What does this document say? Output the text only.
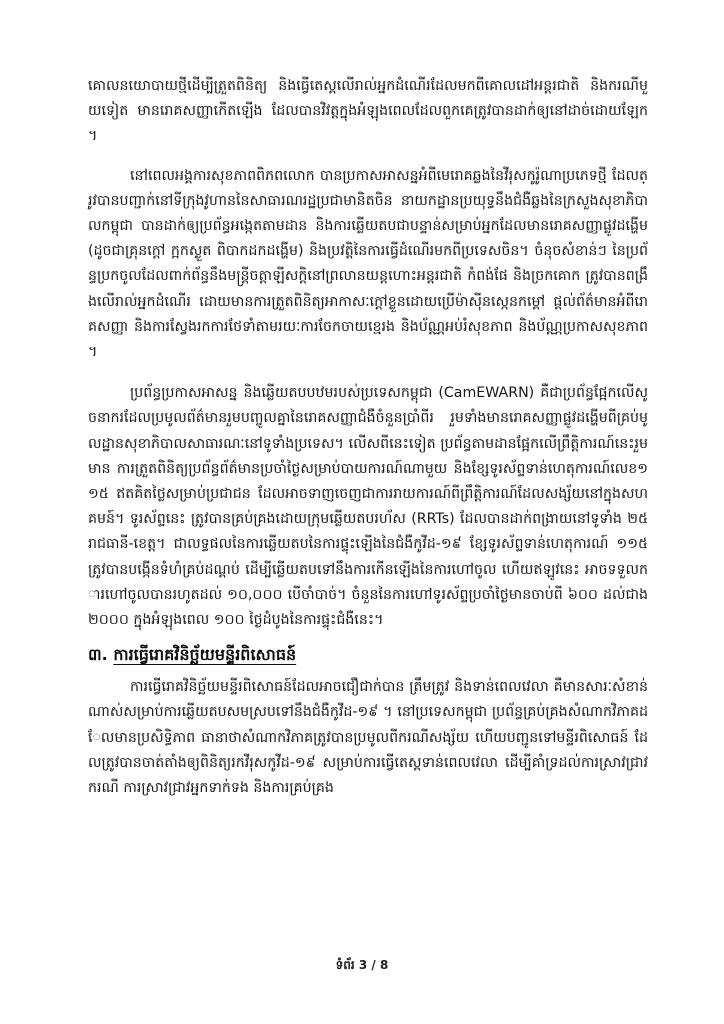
គោលនយោបាយថ្មីដើម្បីត្រួតពិនិត្យ និងធ្វើតេស្តលើរាល់អ្នកដំណើរដែលមកពីគោលដៅអន្តរជាតិ និងករណីមួយទៀត មានរោគសញ្ញាកើតឡើង ដែលបានវិវត្តក្នុងអំឡុងពេលដែលពួកគេត្រូវបានដាក់ឲ្យនៅដាច់ដោយឡែក។

នៅពេលអង្គការសុខភាពពិភពលោក បានប្រកាសអាសន្នអំពីមេរោគឆ្លងនៃវីរុសកូរ៉ូណាប្រភេទថ្មី ដែលត្រូវបានបញ្ជាក់នៅទីក្រុងវូហាននៃសាធារណរដ្ឋប្រជាមានិតចិន នាយកដ្ឋានប្រយុទ្ធនឹងជំងឺឆ្លងនៃក្រសួងសុខាភិបាលកម្ពុជា បានដាក់ឲ្យប្រព័ន្ធអង្កេតតាមដាន និងការឆ្លើយតបជាបន្ទាន់សម្រាប់អ្នកដែលមានរោគសញ្ញាផ្លូវដង្ហើម (ដូចជាគ្រុនក្តៅ ក្អកស្ងួត ពិបាកដកដង្ហើម) និងប្រវត្តិនៃការធ្វើដំណើរមកពីប្រទេសចិន។ ចំនុចសំខាន់ៗ នៃប្រព័ន្ធប្រកចូលដែលពាក់ព័ន្ធនឹងមន្ត្រីចត្តាឡីសក្តិនៅព្រលានយន្តហោះអន្តរជាតិ កំពង់ផែ និងច្រកគោក ត្រូវបានពង្រឹងលើរាល់អ្នកដំណើរ ដោយមានការត្រួតពិនិត្យអាកាសៈក្តៅខ្លួនដោយប្រើម៉ាស៊ីនស្កេនកម្តៅ ផ្តល់ព័ត៌មានអំពីរោគសញ្ញា និងការស្វែងរកការថែទាំតាមរយៈការចែកចាយខ្មេរង និងប័ណ្ណអប់រំសុខភាព និងប័ណ្ណប្រកាសសុខភាព។

ប្រព័ន្ធប្រកាសអាសន្ន និងឆ្លើយតបបឋមរបស់ប្រទេសកម្ពុជា (CamEWARN) គឺជាប្រព័ន្ធផ្អែកលើសូចនាករដែលប្រមូលព័ត៌មានរួមបញ្ចូលគ្នានៃរោគសញ្ញាជំងឺចំនួនប្រាំពីរ រួមទាំងមានរោគសញ្ញាផ្លូវដង្ហើមពីគ្រប់មូលដ្ឋានសុខាភិបាលសាធារណៈនៅទូទាំងប្រទេស។ លើសពីនេះទៀត ប្រព័ន្ធតាមដានផ្អែកលើព្រឹត្តិការណ៍នេះរួមមាន ការត្រួតពិនិត្យប្រព័ន្ធព័ត៌មានប្រចាំថ្ងៃសម្រាប់បាយការណ៍ណាមួយ និងខ្សែទូរស័ព្ទទាន់ហេតុការណ៍លេខ១១៥ ឥតគិតថ្លៃសម្រាប់ប្រជាជន ដែលអាចទាញចេញជាការរាយការណ៍ពីព្រឹត្តិការណ៍ដែលសង្ស័យនៅក្នុងសហគមន៍។ ទូរស័ព្ទនេះ ត្រូវបានគ្រប់គ្រងដោយក្រុមឆ្លើយតបរហ័ស (RRTs) ដែលបានដាក់ពង្រាយនៅទូទាំង ២៥រាជធានី-ខេត្ត។ ជាលទ្ធផលនៃការឆ្លើយតបនៃការផ្ទុះឡើងនៃជំងឺកូវីដ-១៩ ខ្សែទូរស័ព្ទទាន់ហេតុការណ៍ ១១៥ ត្រូវបានបង្កើនទំហំគ្រប់ដណ្តប់ ដើម្បីឆ្លើយតបទៅនឹងការកើនឡើងនៃការហៅចូល ហើយឥឡូវនេះ អាចទទួលការហៅចូលបានរហូតដល់ ១០,០០០ បើចាំបាច់។ ចំនួននៃការហៅទូរស័ព្ទប្រចាំថ្ងៃមានចាប់ពី ៦០០ ដល់ជាង ២០០០ ក្នុងអំឡុងពេល ១០០ ថ្ងៃដំបូងនៃការផ្ទុះជំងឺនេះ។

៣. ការធ្វើរោគវិនិច្ឆ័យមន្ទីរពិសោធន៍

ការធ្វើរោគវិនិច្ឆ័យមន្ទីរពិសោធន៍ដែលអាចជឿជាក់បាន ត្រឹមត្រូវ និងទាន់ពេលវេលា គឺមានសារៈសំខាន់ណាស់សម្រាប់ការឆ្លើយតបសមស្របទៅនឹងជំងឺកូវីដ-១៩ ។ នៅប្រទេសកម្ពុជា ប្រព័ន្ធគ្រប់គ្រងសំណាកវិភាគដែលមានប្រសិទ្ធិភាព ធានាថាសំណាកវិភាគត្រូវបានប្រមូលពីករណីសង្ស័យ ហើយបញ្ជូនទៅមន្ទីរពិសោធន៍ ដែលត្រូវបានចាត់តាំងឲ្យពិនិត្យរកវីរុសកូវីដ-១៩ សម្រាប់ការធ្វើតេស្តទាន់ពេលវេលា ដើម្បីគាំទ្រដល់ការស្រាវជ្រាវករណី ការស្រាវជ្រាវអ្នកទាក់ទង និងការគ្រប់គ្រង

ទំព័រ 3 / 8
